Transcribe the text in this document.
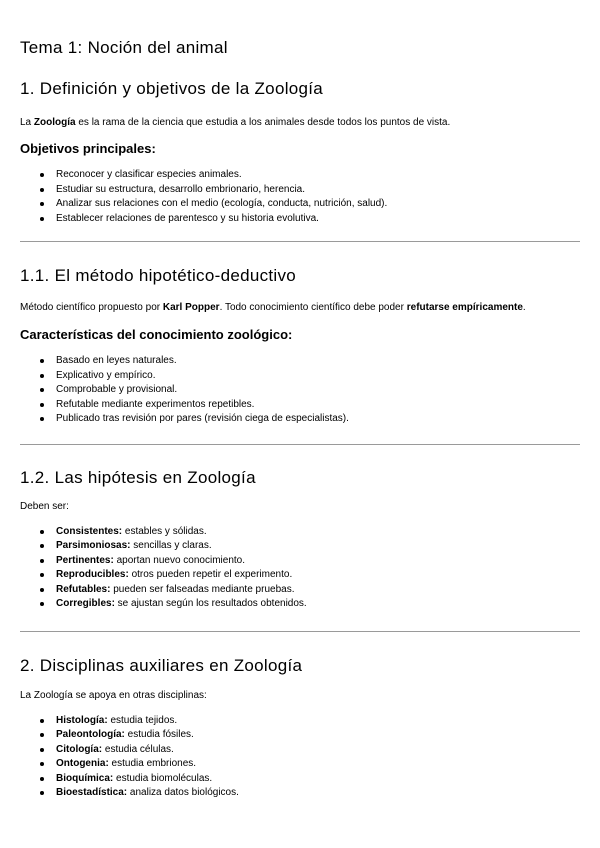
Tema 1: Noción del animal
1. Definición y objetivos de la Zoología

La Zoología es la rama de la ciencia que estudia a los animales desde todos los puntos de vista.

Objetivos principales:
Reconocer y clasificar especies animales.
Estudiar su estructura, desarrollo embrionario, herencia.
Analizar sus relaciones con el medio (ecología, conducta, nutrición, salud).
Establecer relaciones de parentesco y su historia evolutiva.
1.1. El método hipotético-deductivo

Método científico propuesto por Karl Popper. Todo conocimiento científico debe poder refutarse empíricamente.

Características del conocimiento zoológico:
Basado en leyes naturales.
Explicativo y empírico.
Comprobable y provisional.
Refutable mediante experimentos repetibles.
Publicado tras revisión por pares (revisión ciega de especialistas).
1.2. Las hipótesis en Zoología

Deben ser:

Consistentes: estables y sólidas.
Parsimoniosas: sencillas y claras.
Pertinentes: aportan nuevo conocimiento.
Reproducibles: otros pueden repetir el experimento.
Refutables: pueden ser falseadas mediante pruebas.
Corregibles: se ajustan según los resultados obtenidos.
2. Disciplinas auxiliares en Zoología

La Zoología se apoya en otras disciplinas:

Histología: estudia tejidos.
Paleontología: estudia fósiles.
Citología: estudia células.
Ontogenia: estudia embriones.
Bioquímica: estudia biomoléculas.
Bioestadística: analiza datos biológicos.
